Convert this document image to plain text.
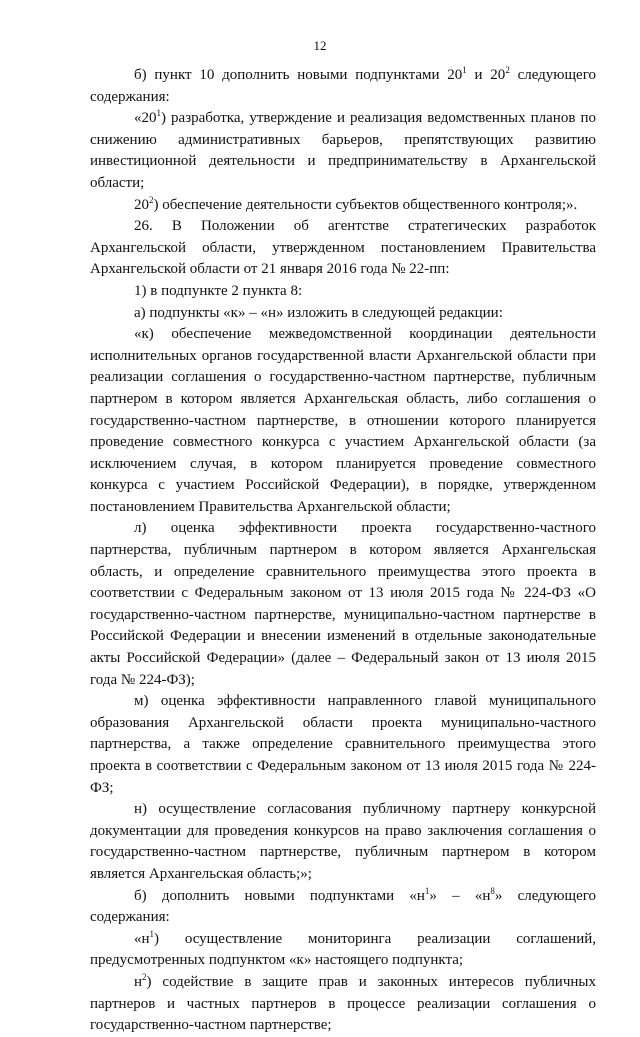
12

б) пункт 10 дополнить новыми подпунктами $20^1$ и $20^2$ следующего содержания:

«$20^1$) разработка, утверждение и реализация ведомственных планов по снижению административных барьеров, препятствующих развитию инвестиционной деятельности и предпринимательству в Архангельской области;

$20^2$) обеспечение деятельности субъектов общественного контроля;».

26. В Положении об агентстве стратегических разработок Архангельской области, утвержденном постановлением Правительства Архангельской области от 21 января 2016 года № 22-пп:

1) в подпункте 2 пункта 8:

а) подпункты «к» – «н» изложить в следующей редакции:

«к) обеспечение межведомственной координации деятельности исполнительных органов государственной власти Архангельской области при реализации соглашения о государственно-частном партнерстве, публичным партнером в котором является Архангельская область, либо соглашения о государственно-частном партнерстве, в отношении которого планируется проведение совместного конкурса с участием Архангельской области (за исключением случая, в котором планируется проведение совместного конкурса с участием Российской Федерации), в порядке, утвержденном постановлением Правительства Архангельской области;

л) оценка эффективности проекта государственно-частного партнерства, публичным партнером в котором является Архангельская область, и определение сравнительного преимущества этого проекта в соответствии с Федеральным законом от 13 июля 2015 года № 224-ФЗ «О государственно-частном партнерстве, муниципально-частном партнерстве в Российской Федерации и внесении изменений в отдельные законодательные акты Российской Федерации» (далее – Федеральный закон от 13 июля 2015 года № 224-ФЗ);

м) оценка эффективности направленного главой муниципального образования Архангельской области проекта муниципально-частного партнерства, а также определение сравнительного преимущества этого проекта в соответствии с Федеральным законом от 13 июля 2015 года № 224-ФЗ;

н) осуществление согласования публичному партнеру конкурсной документации для проведения конкурсов на право заключения соглашения о государственно-частном партнерстве, публичным партнером в котором является Архангельская область;»;

б) дополнить новыми подпунктами «$н^1$» – «$н^8$» следующего содержания:

«$н^1$) осуществление мониторинга реализации соглашений, предусмотренных подпунктом «к» настоящего подпункта;

$н^2$) содействие в защите прав и законных интересов публичных партнеров и частных партнеров в процессе реализации соглашения о государственно-частном партнерстве;
